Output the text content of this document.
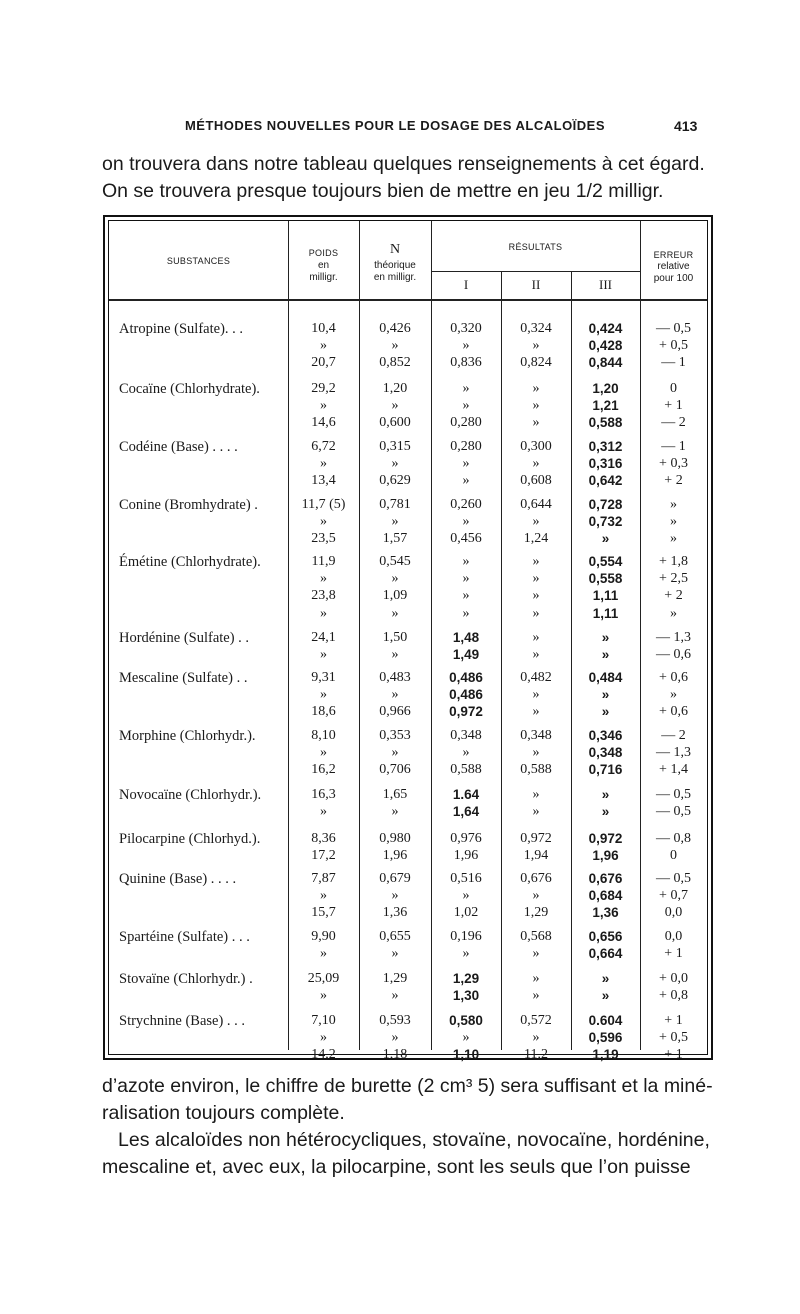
MÉTHODES NOUVELLES POUR LE DOSAGE DES ALCALOÏDES	413
on trouvera dans notre tableau quelques renseignements à cet égard.
On se trouvera presque toujours bien de mettre en jeu 1/2 milligr.
SUBSTANCES
POIDS
en
milligr.
N
théorique
en milligr.
RÉSULTATS
I	II	III
ERREUR
relative
pour 100
Atropine (Sulfate). . .	10,4	0,426	0,320	0,324	0,424	— 0,5
»	»	»	»	0,428	+ 0,5
20,7	0,852	0,836	0,824	0,844	— 1
Cocaïne (Chlorhydrate).	29,2	1,20	»	»	1,20	0
»	»	»	»	1,21	+ 1
14,6	0,600	0,280	»	0,588	— 2
Codéine (Base) . . . .	6,72	0,315	0,280	0,300	0,312	— 1
»	»	»	»	0,316	+ 0,3
13,4	0,629	»	0,608	0,642	+ 2
Conine (Bromhydrate) .	11,7 (5)	0,781	0,260	0,644	0,728	»
»	»	»	»	0,732	»
23,5	1,57	0,456	1,24	»	»
Émétine (Chlorhydrate).	11,9	0,545	»	»	0,554	+ 1,8
»	»	»	»	0,558	+ 2,5
23,8	1,09	»	»	1,11	+ 2
»	»	»	»	1,11	»
Hordénine (Sulfate) . .	24,1	1,50	1,48	»	»	— 1,3
»	»	1,49	»	»	— 0,6
Mescaline (Sulfate) . .	9,31	0,483	0,486	0,482	0,484	+ 0,6
»	»	0,486	»	»	»
18,6	0,966	0,972	»	»	+ 0,6
Morphine (Chlorhydr.).	8,10	0,353	0,348	0,348	0,346	— 2
»	»	»	»	0,348	— 1,3
16,2	0,706	0,588	0,588	0,716	+ 1,4
Novocaïne (Chlorhydr.).	16,3	1,65	1.64	»	»	— 0,5
»	»	1,64	»	»	— 0,5
Pilocarpine (Chlorhyd.).	8,36	0,980	0,976	0,972	0,972	— 0,8
17,2	1,96	1,96	1,94	1,96	0
Quinine (Base) . . . .	7,87	0,679	0,516	0,676	0,676	— 0,5
»	»	»	»	0,684	+ 0,7
15,7	1,36	1,02	1,29	1,36	0,0
Spartéine (Sulfate) . . .	9,90	0,655	0,196	0,568	0,656	0,0
»	»	»	»	0,664	+ 1
Stovaïne (Chlorhydr.) .	25,09	1,29	1,29	»	»	+ 0,0
»	»	1,30	»	»	+ 0,8
Strychnine (Base) . . .	7,10	0,593	0,580	0,572	0.604	+ 1
»	»	»	»	0,596	+ 0,5
14,2	1,18	1,10	11,2	1,19	+ 1
d’azote environ, le chiffre de burette (2 cm³ 5) sera suffisant et la miné-
ralisation toujours complète.
Les alcaloïdes non hétérocycliques, stovaïne, novocaïne, hordénine,
mescaline et, avec eux, la pilocarpine, sont les seuls que l’on puisse
